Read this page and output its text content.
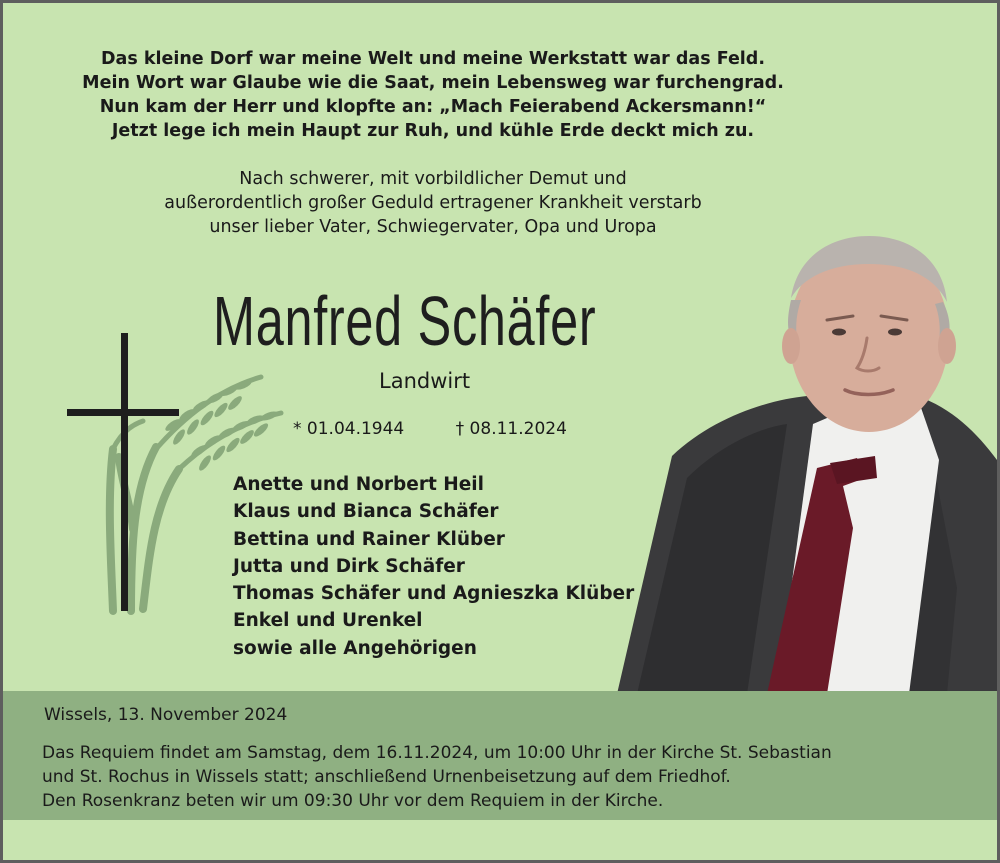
Das kleine Dorf war meine Welt und meine Werkstatt war das Feld.
Mein Wort war Glaube wie die Saat, mein Lebensweg war furchengrad.
Nun kam der Herr und klopfte an: „Mach Feierabend Ackersmann!“
Jetzt lege ich mein Haupt zur Ruh, und kühle Erde deckt mich zu.
Nach schwerer, mit vorbildlicher Demut und
außerordentlich großer Geduld ertragener Krankheit verstarb
unser lieber Vater, Schwiegervater, Opa und Uropa
Manfred Schäfer
Landwirt
* 01.04.1944	† 08.11.2024
Anette und Norbert Heil
Klaus und Bianca Schäfer
Bettina und Rainer Klüber
Jutta und Dirk Schäfer
Thomas Schäfer und Agnieszka Klüber
Enkel und Urenkel
sowie alle Angehörigen
Wissels, 13. November 2024
Das Requiem findet am Samstag, dem 16.11.2024, um 10:00 Uhr in der Kirche St. Sebastian
und St. Rochus in Wissels statt; anschließend Urnenbeisetzung auf dem Friedhof.
Den Rosenkranz beten wir um 09:30 Uhr vor dem Requiem in der Kirche.
